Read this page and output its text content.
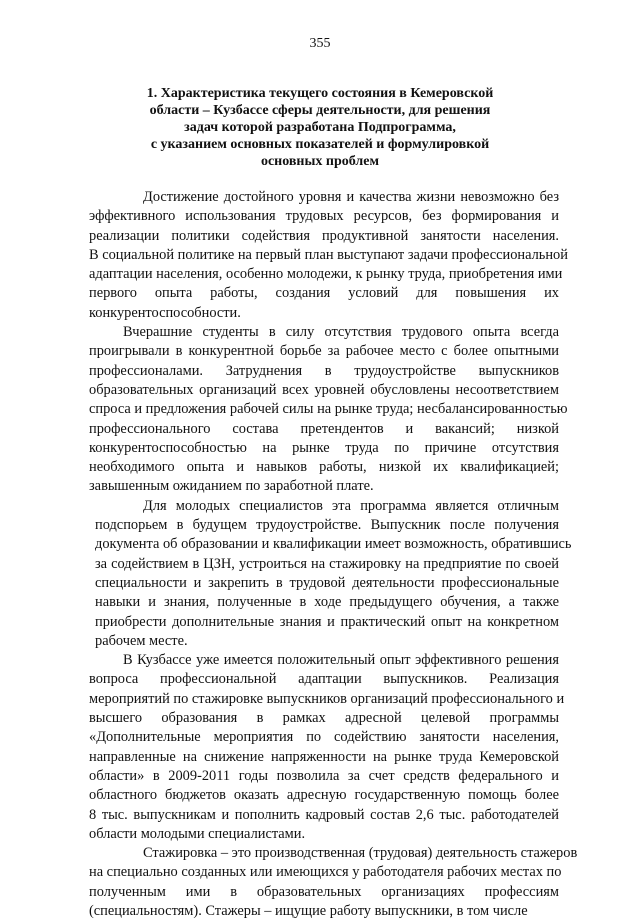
355
1. Характеристика текущего состояния в Кемеровской
области – Кузбассе сферы деятельности, для решения
задач которой разработана Подпрограмма,
с указанием основных показателей и формулировкой
основных проблем
Достижение достойного уровня и качества жизни невозможно без
эффективного использования трудовых ресурсов, без формирования и
реализации политики содействия продуктивной занятости населения.
В социальной политике на первый план выступают задачи профессиональной
адаптации населения, особенно молодежи, к рынку труда, приобретения ими
первого опыта работы, создания условий для повышения их
конкурентоспособности.
Вчерашние студенты в силу отсутствия трудового опыта всегда
проигрывали в конкурентной борьбе за рабочее место с более опытными
профессионалами. Затруднения в трудоустройстве выпускников
образовательных организаций всех уровней обусловлены несоответствием
спроса и предложения рабочей силы на рынке труда; несбалансированностью
профессионального состава претендентов и вакансий; низкой
конкурентоспособностью на рынке труда по причине отсутствия
необходимого опыта и навыков работы, низкой их квалификацией;
завышенным ожиданием по заработной плате.
Для молодых специалистов эта программа является отличным
подспорьем в будущем трудоустройстве. Выпускник после получения
документа об образовании и квалификации имеет возможность, обратившись
за содействием в ЦЗН, устроиться на стажировку на предприятие по своей
специальности и закрепить в трудовой деятельности профессиональные
навыки и знания, полученные в ходе предыдущего обучения, а также
приобрести дополнительные знания и практический опыт на конкретном
рабочем месте.
В Кузбассе уже имеется положительный опыт эффективного решения
вопроса профессиональной адаптации выпускников. Реализация
мероприятий по стажировке выпускников организаций профессионального и
высшего образования в рамках адресной целевой программы
«Дополнительные мероприятия по содействию занятости населения,
направленные на снижение напряженности на рынке труда Кемеровской
области» в 2009-2011 годы позволила за счет средств федерального и
областного бюджетов оказать адресную государственную помощь более
8 тыс. выпускникам и пополнить кадровый состав 2,6 тыс. работодателей
области молодыми специалистами.
Стажировка – это производственная (трудовая) деятельность стажеров
на специально созданных или имеющихся у работодателя рабочих местах по
полученным ими в образовательных организациях профессиям
(специальностям). Стажеры – ищущие работу выпускники, в том числе
